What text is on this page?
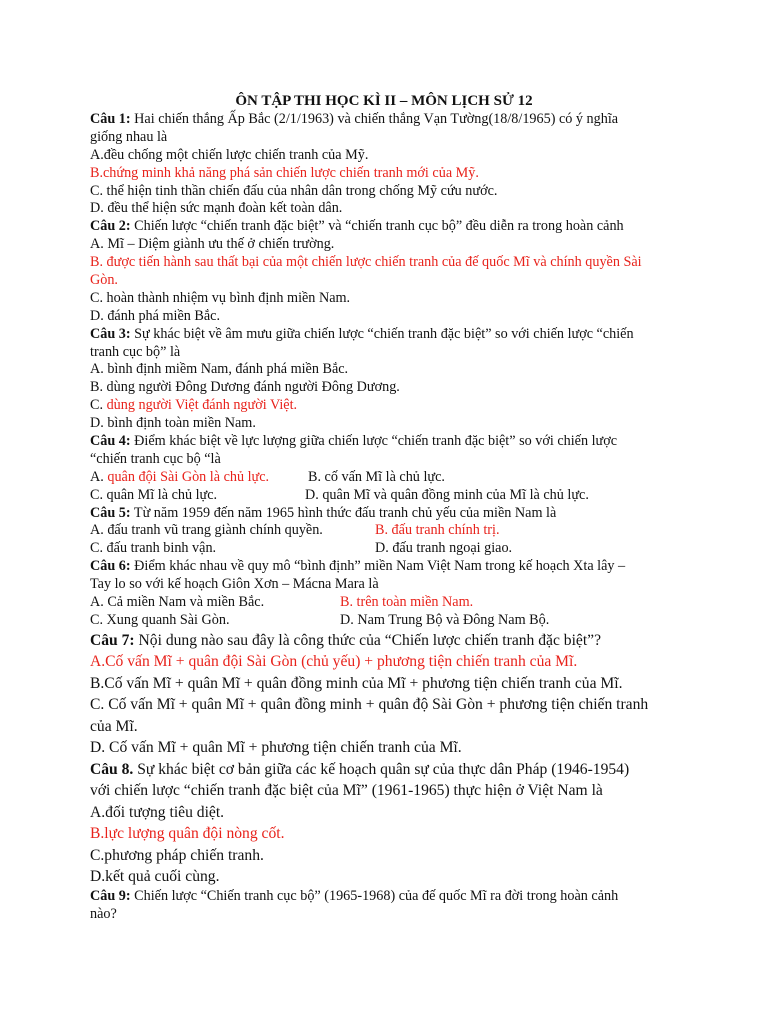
ÔN TẬP THI HỌC KÌ II – MÔN LỊCH SỬ 12
Câu 1: Hai chiến thắng Ấp Bắc (2/1/1963) và chiến thắng Vạn Tường(18/8/1965) có ý nghĩa
giống nhau là
A.đều chống một chiến lược chiến tranh của Mỹ.
B.chứng minh khả năng phá sản chiến lược chiến tranh mới của Mỹ.
C. thể hiện tinh thần chiến đấu của nhân dân trong chống Mỹ cứu nước.
D. đều thể hiện sức mạnh đoàn kết toàn dân.
Câu 2: Chiến lược “chiến tranh đặc biệt” và “chiến tranh cục bộ” đều diễn ra trong hoàn cảnh
A. Mĩ – Diệm giành ưu thế ở chiến trường.
B. được tiến hành sau thất bại của một chiến lược chiến tranh của đế quốc Mĩ và chính quyền Sài
Gòn.
C. hoàn thành nhiệm vụ bình định miền Nam.
D. đánh phá miền Bắc.
Câu 3: Sự khác biệt về âm mưu giữa chiến lược “chiến tranh đặc biệt” so với chiến lược “chiến
tranh cục bộ” là
A. bình định miềm Nam, đánh phá miền Bắc.
B. dùng người Đông Dương đánh người Đông Dương.
C. dùng người Việt đánh người Việt.
D. bình định toàn miền Nam.
Câu 4: Điểm khác biệt về lực lượng giữa chiến lược “chiến tranh đặc biệt” so với chiến lược
“chiến tranh cục bộ “là
A. quân đội Sài Gòn là chủ lực.	B. cố vấn Mĩ là chủ lực.
C. quân Mĩ là chủ lực.	D. quân Mĩ và quân đồng minh của Mĩ là chủ lực.
Câu 5: Từ năm 1959 đến năm 1965 hình thức đấu tranh chủ yếu của miền Nam là
A. đấu tranh vũ trang giành chính quyền.	B. đấu tranh chính trị.
C. đấu tranh binh vận.	D. đấu tranh ngoại giao.
Câu 6: Điểm khác nhau về quy mô “bình định” miền Nam Việt Nam trong kế hoạch Xta lây –
Tay lo so với kế hoạch Giôn Xơn – Mácna Mara là
A. Cả miền Nam và miền Bắc.	B. trên toàn miền Nam.
C. Xung quanh Sài Gòn.	D. Nam Trung Bộ và Đông Nam Bộ.
Câu 7: Nội dung nào sau đây là công thức của “Chiến lược chiến tranh đặc biệt”?
A.Cố vấn Mĩ + quân đội Sài Gòn (chủ yếu) + phương tiện chiến tranh của Mĩ.
B.Cố vấn Mĩ + quân Mĩ + quân đồng minh của Mĩ + phương tiện chiến tranh của Mĩ.
C. Cố vấn Mĩ + quân Mĩ + quân đồng minh + quân độ Sài Gòn + phương tiện chiến tranh
của Mĩ.
D. Cố vấn Mĩ + quân Mĩ + phương tiện chiến tranh của Mĩ.
Câu 8. Sự khác biệt cơ bản giữa các kế hoạch quân sự của thực dân Pháp (1946-1954)
với chiến lược “chiến tranh đặc biệt của Mĩ” (1961-1965) thực hiện ở Việt Nam là
A.đối tượng tiêu diệt.
B.lực lượng quân đội nòng cốt.
C.phương pháp chiến tranh.
D.kết quả cuối cùng.
Câu 9: Chiến lược “Chiến tranh cục bộ” (1965-1968) của đế quốc Mĩ ra đời trong hoàn cảnh
nào?
